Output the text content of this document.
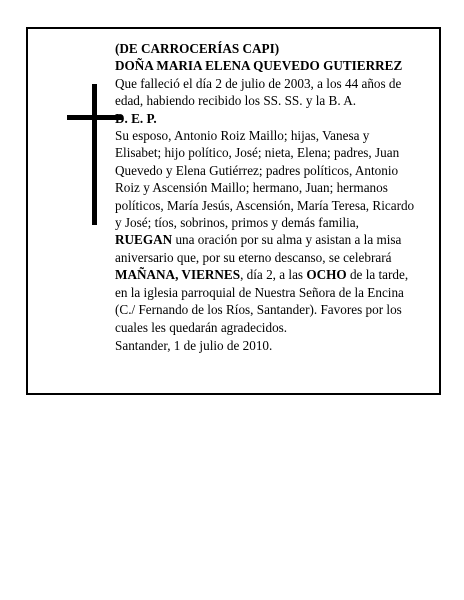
(DE CARROCERÍAS CAPI)

DOÑA MARIA ELENA QUEVEDO GUTIERREZ

Que falleció el día 2 de julio de 2003, a los 44 años de edad, habiendo recibido los SS. SS. y la B. A.

D. E. P.

Su esposo, Antonio Roiz Maillo; hijas, Vanesa y Elisabet; hijo político, José; nieta, Elena; padres, Juan Quevedo y Elena Gutiérrez; padres políticos, Antonio Roiz y Ascensión Maillo; hermano, Juan; hermanos políticos, María Jesús, Ascensión, María Teresa, Ricardo y José; tíos, sobrinos, primos y demás familia, RUEGAN una oración por su alma y asistan a la misa aniversario que, por su eterno descanso, se celebrará MAÑANA, VIERNES, día 2, a las OCHO de la tarde, en la iglesia parroquial de Nuestra Señora de la Encina (C./ Fernando de los Ríos, Santander). Favores por los cuales les quedarán agradecidos.

Santander, 1 de julio de 2010.
